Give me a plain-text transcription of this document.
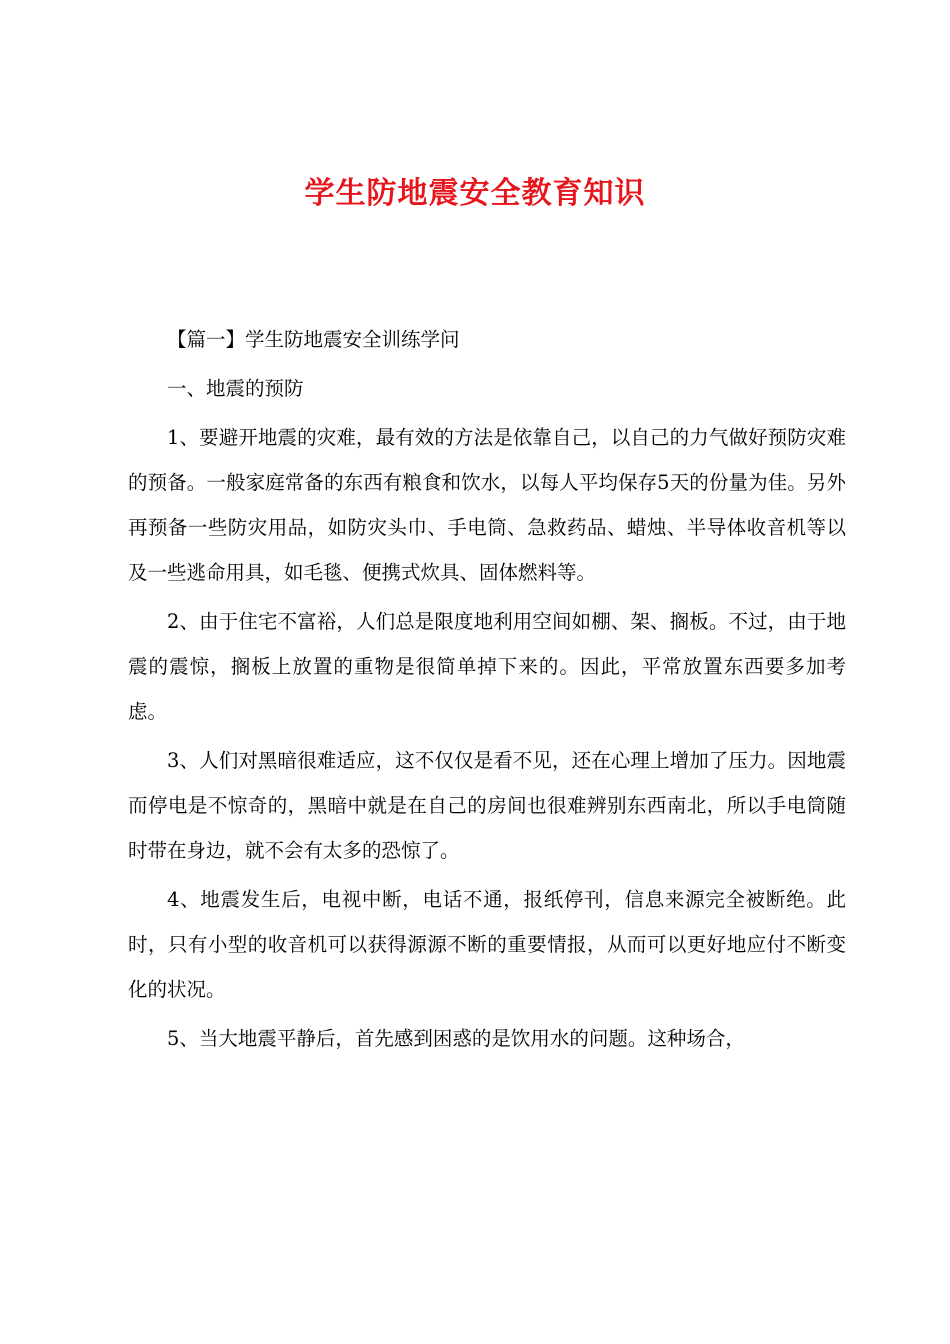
学生防地震安全教育知识

【篇一】学生防地震安全训练学问

一、地震的预防

1、要避开地震的灾难，最有效的方法是依靠自己，以自己的力气做好预防灾难的预备。一般家庭常备的东西有粮食和饮水，以每人平均保存5天的份量为佳。另外再预备一些防灾用品，如防灾头巾、手电筒、急救药品、蜡烛、半导体收音机等以及一些逃命用具，如毛毯、便携式炊具、固体燃料等。

2、由于住宅不富裕，人们总是限度地利用空间如棚、架、搁板。不过，由于地震的震惊，搁板上放置的重物是很简单掉下来的。因此，平常放置东西要多加考虑。

3、人们对黑暗很难适应，这不仅仅是看不见，还在心理上增加了压力。因地震而停电是不惊奇的，黑暗中就是在自己的房间也很难辨别东西南北，所以手电筒随时带在身边，就不会有太多的恐惊了。

4、地震发生后，电视中断，电话不通，报纸停刊，信息来源完全被断绝。此时，只有小型的收音机可以获得源源不断的重要情报，从而可以更好地应付不断变化的状况。

5、当大地震平静后，首先感到困惑的是饮用水的问题。这种场合，
